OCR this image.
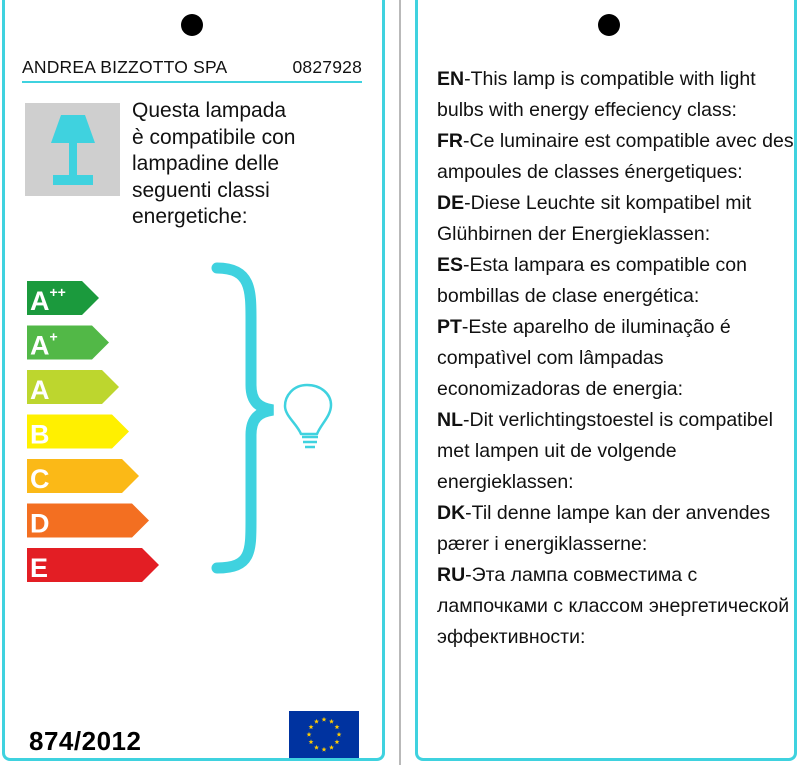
ANDREA BIZZOTTO SPA	0827928
Questa lampada
è compatibile con
lampadine delle
seguenti classi
energetiche:
A++
A+
A
B
C
D
E
874/2012

EN-This lamp is compatible with light bulbs with energy effeciency class:

FR-Ce luminaire est compatible avec des ampoules de classes énergetiques:

DE-Diese Leuchte sit kompatibel mit Glühbirnen der Energieklassen:

ES-Esta lampara es compatible con bombillas de clase energética:

PT-Este aparelho de iluminação é compatìvel com lâmpadas economizadoras de energia:

NL-Dit verlichtingstoestel is compatibel met lampen uit de volgende energieklassen:

DK-Til denne lampe kan der anvendes pærer i energiklasserne:

RU-Эта лампа совместима с лампочками с классом энергетической эффективности:
